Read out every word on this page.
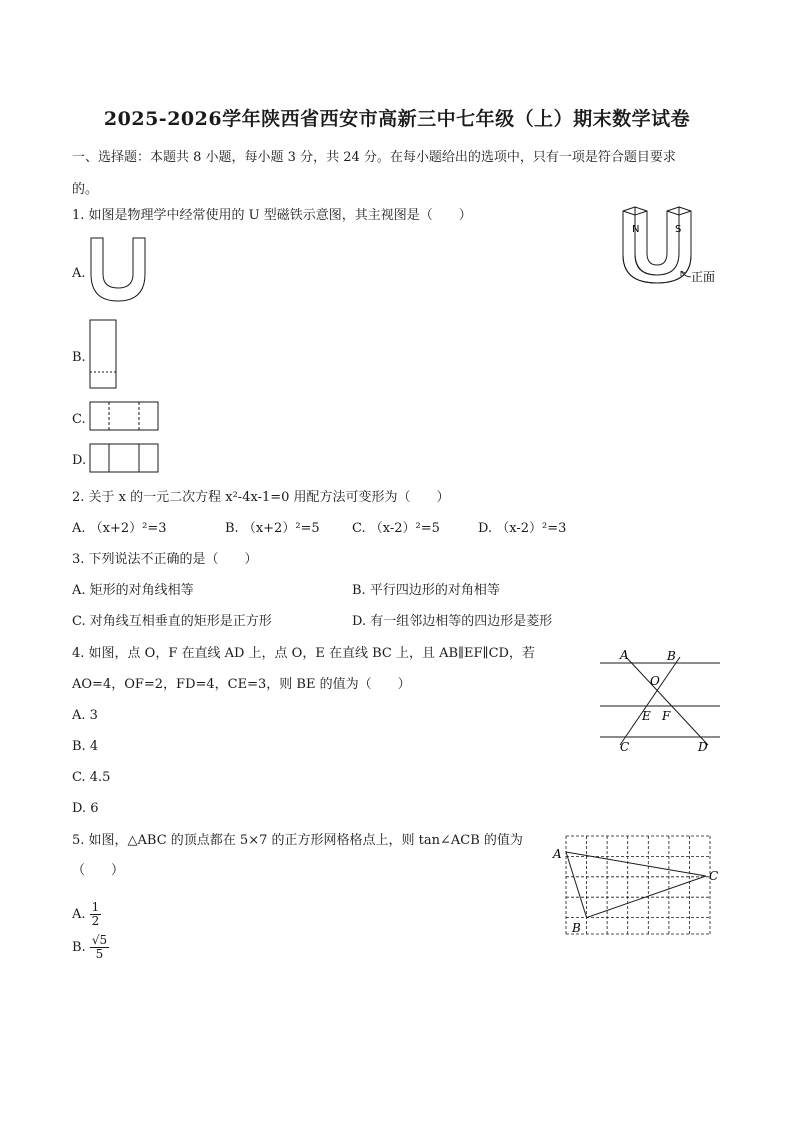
2025-2026学年陕西省西安市高新三中七年级（上）期末数学试卷
一、选择题：本题共 8 小题，每小题 3 分，共 24 分。在每小题给出的选项中，只有一项是符合题目要求
的。
1. 如图是物理学中经常使用的 U 型磁铁示意图，其主视图是（　　）
N	S
正面
A.
B.
C.
D.
2. 关于 x 的一元二次方程 x²-4x-1=0 用配方法可变形为（　　）
A. （x+2）²=3	B. （x+2）²=5 C. （x-2）²=5	D. （x-2）²=3
3. 下列说法不正确的是（　　）
A. 矩形的对角线相等	B. 平行四边形的对角相等
C. 对角线互相垂直的矩形是正方形	D. 有一组邻边相等的四边形是菱形
4. 如图，点 O，F 在直线 AD 上，点 O，E 在直线 BC 上，且 AB∥EF∥CD，若
AO=4，OF=2，FD=4，CE=3，则 BE 的值为（　　）
A. 3
B. 4
C. 4.5
D. 6
A	B
O
E F
C	D
5. 如图，△ABC 的顶点都在 5×7 的正方形网格格点上，则 tan∠ACB 的值为
（　　）
A. $\frac{1}{2}$
B. $\frac{√5}{5}$
A
B
C
